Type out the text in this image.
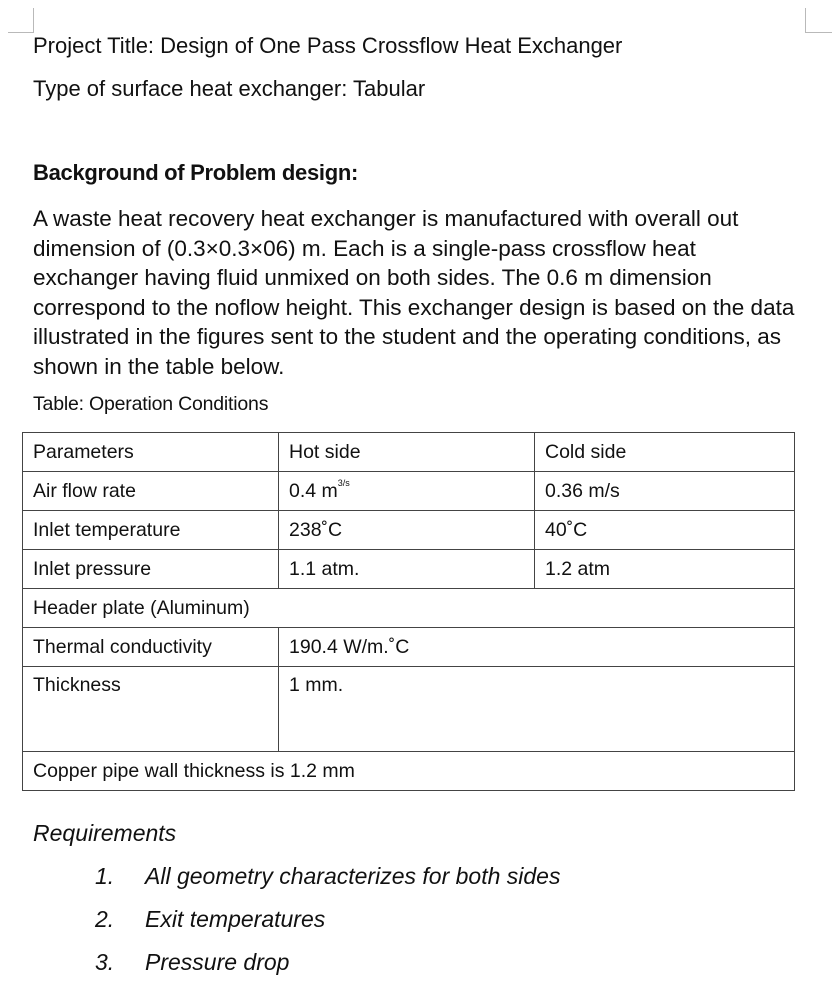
Project Title: Design of One Pass Crossflow Heat Exchanger
Type of surface heat exchanger: Tabular
Background of Problem design:

A waste heat recovery heat exchanger is manufactured with overall out dimension of (0.3×0.3×06) m. Each is a single-pass crossflow heat exchanger having fluid unmixed on both sides. The 0.6 m dimension correspond to the noflow height. This exchanger design is based on the data illustrated in the figures sent to the student and the operating conditions, as shown in the table below.

Table: Operation Conditions
Parameters	Hot side	Cold side
Air flow rate	0.4 $m^{3/s}$	0.36 m/s
Inlet temperature	238˚C	40˚C
Inlet pressure	1.1 atm.	1.2 atm
Header plate (Aluminum)		
Thermal conductivity	190.4 W/m.˚C	
Thickness	1 mm.	
Copper pipe wall thickness is 1.2 mm		
Requirements
1.	All geometry characterizes for both sides
2.	Exit temperatures
3.	Pressure drop
